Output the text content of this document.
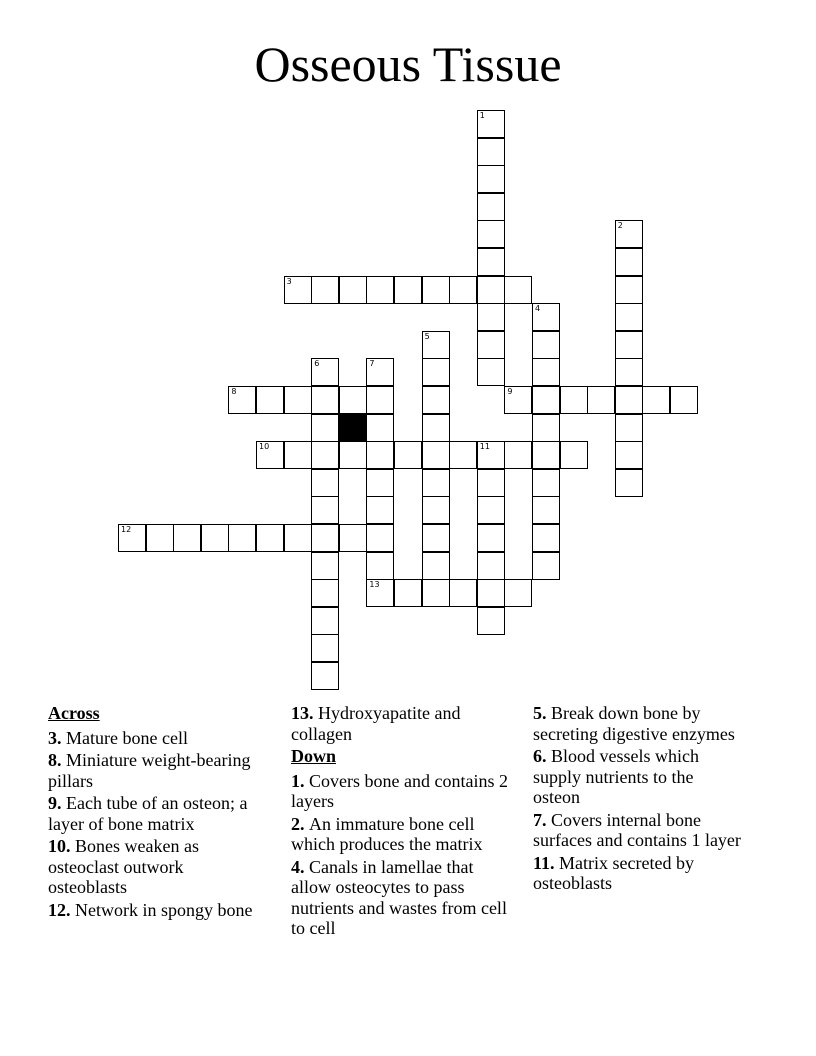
Osseous Tissue
3
8	9
10	11
12
13
1
2
4
5
6	7
Across
3. Mature bone cell
8. Miniature weight-bearing pillars
9. Each tube of an osteon; a layer of bone matrix
10. Bones weaken as osteoclast outwork osteoblasts
12. Network in spongy bone
13. Hydroxyapatite and collagen
Down
1. Covers bone and contains 2 layers
2. An immature bone cell which produces the matrix
4. Canals in lamellae that allow osteocytes to pass nutrients and wastes from cell to cell
5. Break down bone by secreting digestive enzymes
6. Blood vessels which supply nutrients to the osteon
7. Covers internal bone surfaces and contains 1 layer
11. Matrix secreted by osteoblasts
